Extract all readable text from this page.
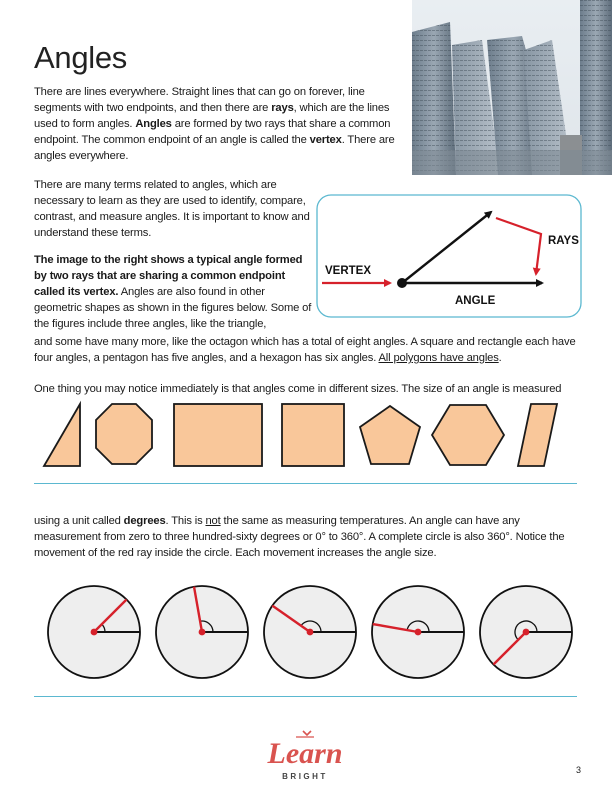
Angles

There are lines everywhere. Straight lines that can go on forever, line segments with two endpoints, and then there are rays, which are the lines used to form angles. Angles are formed by two rays that share a common endpoint. The common endpoint of an angle is called the vertex. There are angles everywhere.

There are many terms related to angles, which are necessary to learn as they are used to identify, compare, contrast, and measure angles. It is important to know and understand these terms.

The image to the right shows a typical angle formed by two rays that are sharing a common endpoint called its vertex. Angles are also found in other geometric shapes as shown in the figures below. Some of the figures include three angles, like the triangle,

and some have many more, like the octagon which has a total of eight angles. A square and rectangle each have four angles, a pentagon has five angles, and a hexagon has six angles. All polygons have angles.

VERTEX
RAYS
ANGLE

One thing you may notice immediately is that angles come in different sizes. The size of an angle is measured

using a unit called degrees. This is not the same as measuring temperatures. An angle can have any measurement from zero to three hundred-sixty degrees or 0° to 360°. A complete circle is also 360°. Notice the movement of the red ray inside the circle. Each movement increases the angle size.

Learn
BRIGHT
3
